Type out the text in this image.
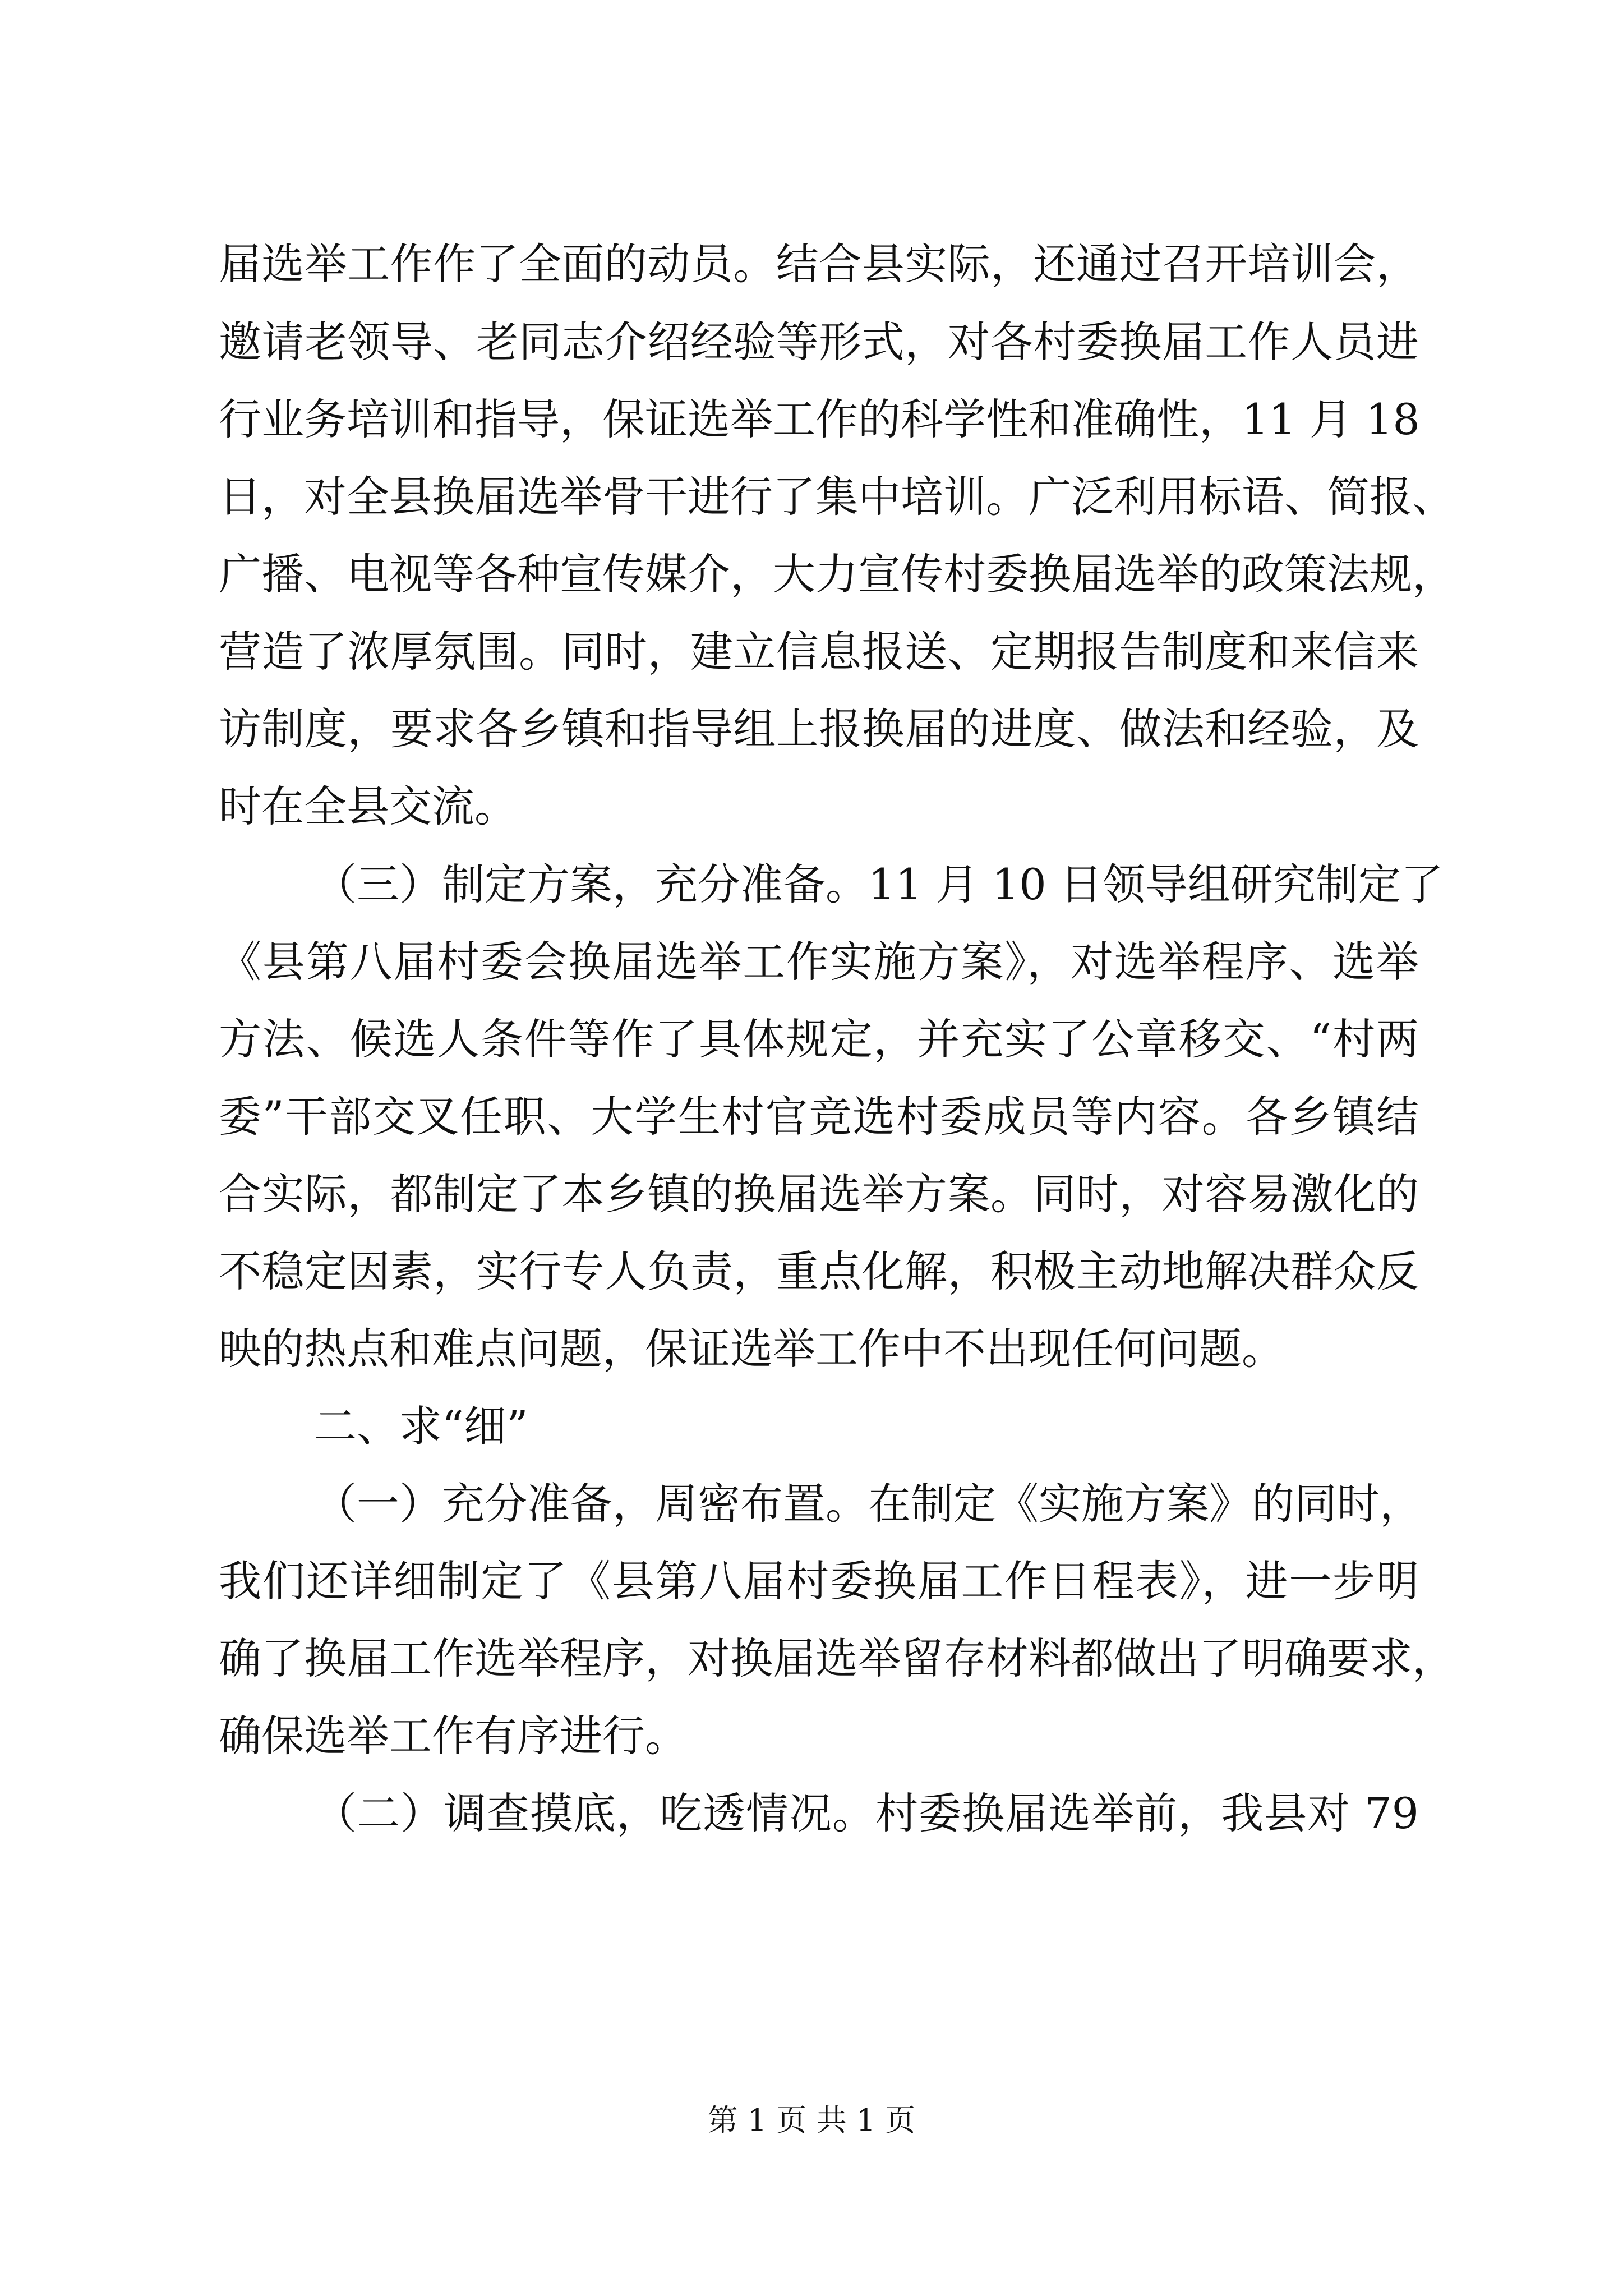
届选举工作作了全面的动员。结合县实际，还通过召开培训会，
邀请老领导、老同志介绍经验等形式，对各村委换届工作人员进
行业务培训和指导，保证选举工作的科学性和准确性，11 月 18
日，对全县换届选举骨干进行了集中培训。广泛利用标语、简报、
广播、电视等各种宣传媒介，大力宣传村委换届选举的政策法规，
营造了浓厚氛围。同时，建立信息报送、定期报告制度和来信来
访制度，要求各乡镇和指导组上报换届的进度、做法和经验，及
时在全县交流。
（三）制定方案，充分准备。11 月 10 日领导组研究制定了
《县第八届村委会换届选举工作实施方案》，对选举程序、选举
方法、候选人条件等作了具体规定，并充实了公章移交、“村两
委”干部交叉任职、大学生村官竞选村委成员等内容。各乡镇结
合实际，都制定了本乡镇的换届选举方案。同时，对容易激化的
不稳定因素，实行专人负责，重点化解，积极主动地解决群众反
映的热点和难点问题，保证选举工作中不出现任何问题。
二、求“细”
（一）充分准备，周密布置。在制定《实施方案》的同时，
我们还详细制定了《县第八届村委换届工作日程表》，进一步明
确了换届工作选举程序，对换届选举留存材料都做出了明确要求，
确保选举工作有序进行。
（二）调查摸底，吃透情况。村委换届选举前，我县对 79
第 1 页 共 1 页
